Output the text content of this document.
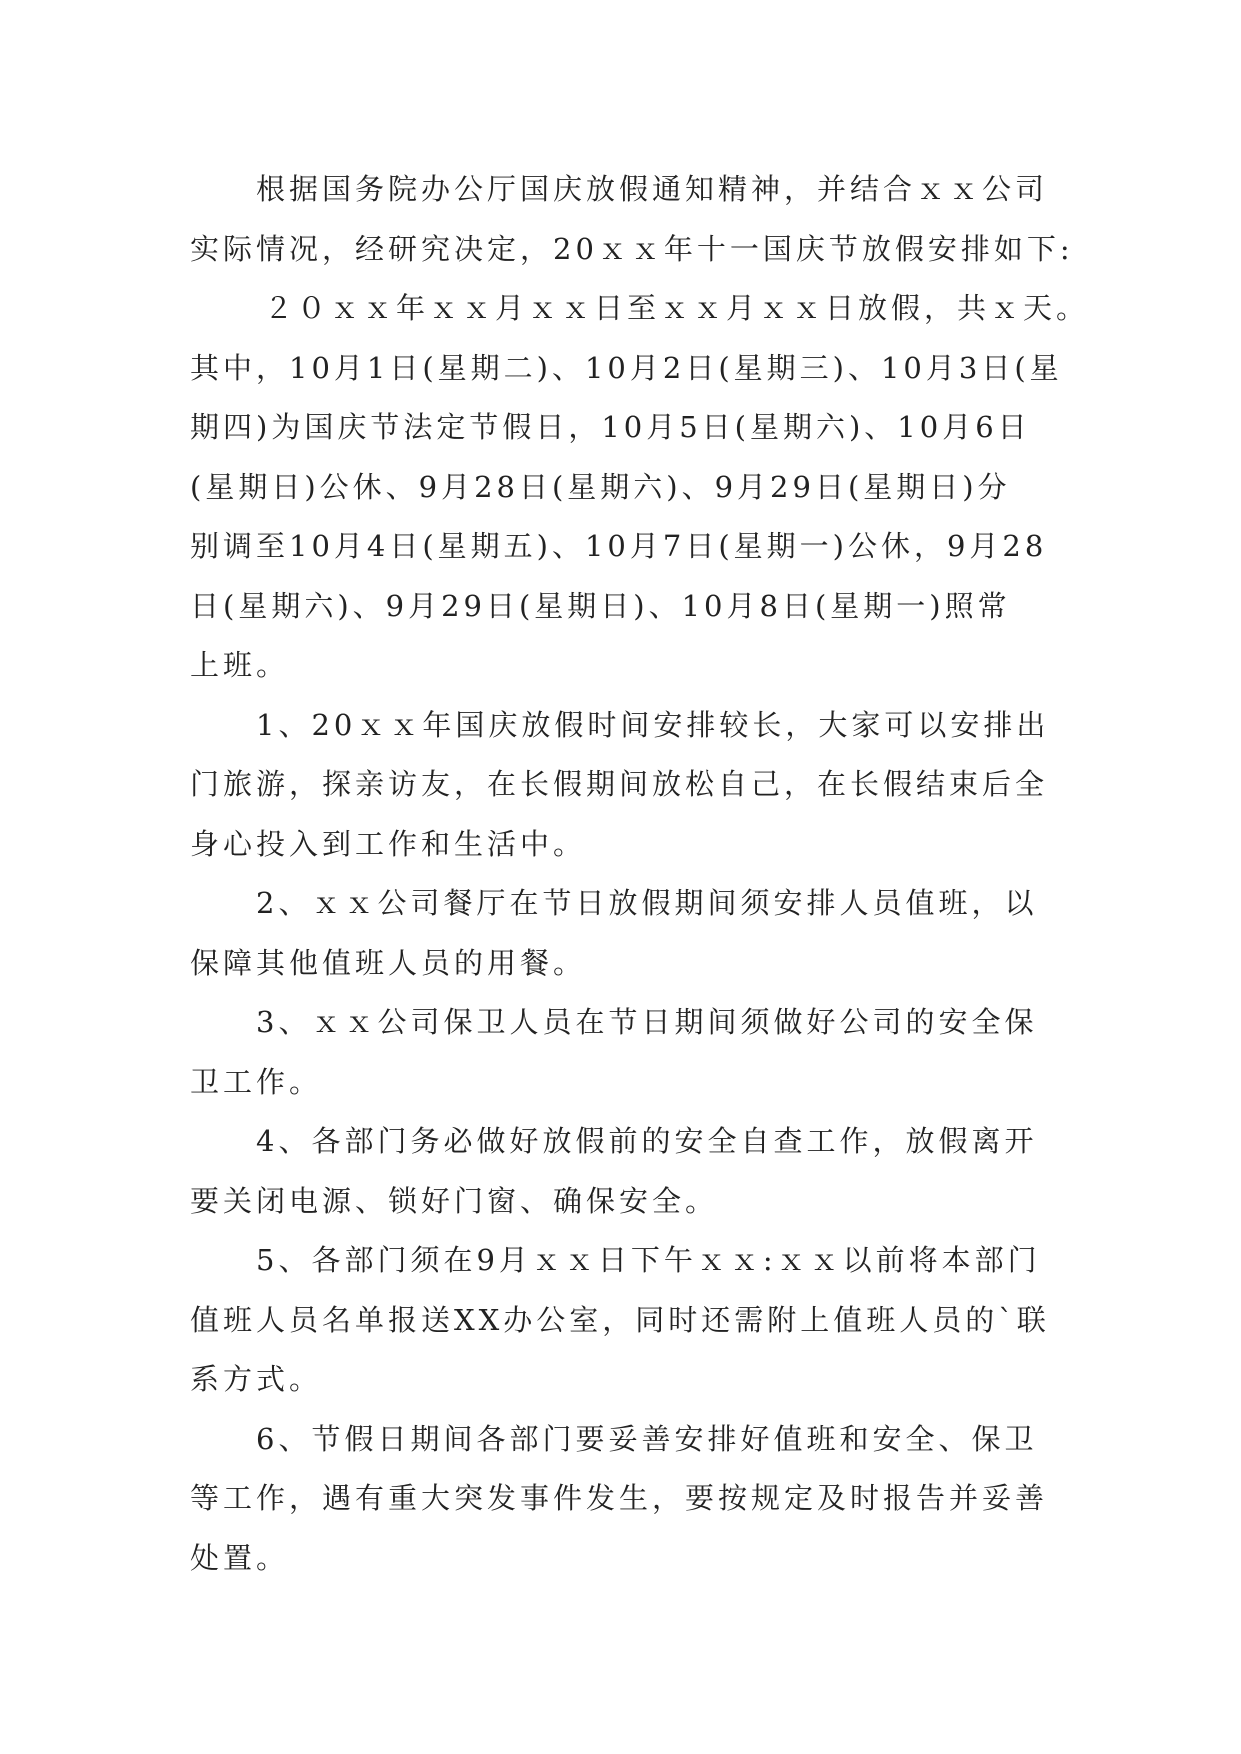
根据国务院办公厅国庆放假通知精神，并结合ｘｘ公司
实际情况，经研究决定，20ｘｘ年十一国庆节放假安排如下:
２０ｘｘ年ｘｘ月ｘｘ日至ｘｘ月ｘｘ日放假，共ｘ天。
其中，10月1日(星期二)、10月2日(星期三)、10月3日(星
期四)为国庆节法定节假日，10月5日(星期六)、10月6日
(星期日)公休、9月28日(星期六)、9月29日(星期日)分
别调至10月4日(星期五)、10月7日(星期一)公休，9月28
日(星期六)、9月29日(星期日)、10月8日(星期一)照常
上班。
1、20ｘｘ年国庆放假时间安排较长，大家可以安排出
门旅游，探亲访友，在长假期间放松自己，在长假结束后全
身心投入到工作和生活中。
2、ｘｘ公司餐厅在节日放假期间须安排人员值班，以
保障其他值班人员的用餐。
3、ｘｘ公司保卫人员在节日期间须做好公司的安全保
卫工作。
4、各部门务必做好放假前的安全自查工作，放假离开
要关闭电源、锁好门窗、确保安全。
5、各部门须在9月ｘｘ日下午ｘｘ:ｘｘ以前将本部门
值班人员名单报送XX办公室，同时还需附上值班人员的`联
系方式。
6、节假日期间各部门要妥善安排好值班和安全、保卫
等工作，遇有重大突发事件发生，要按规定及时报告并妥善
处置。
